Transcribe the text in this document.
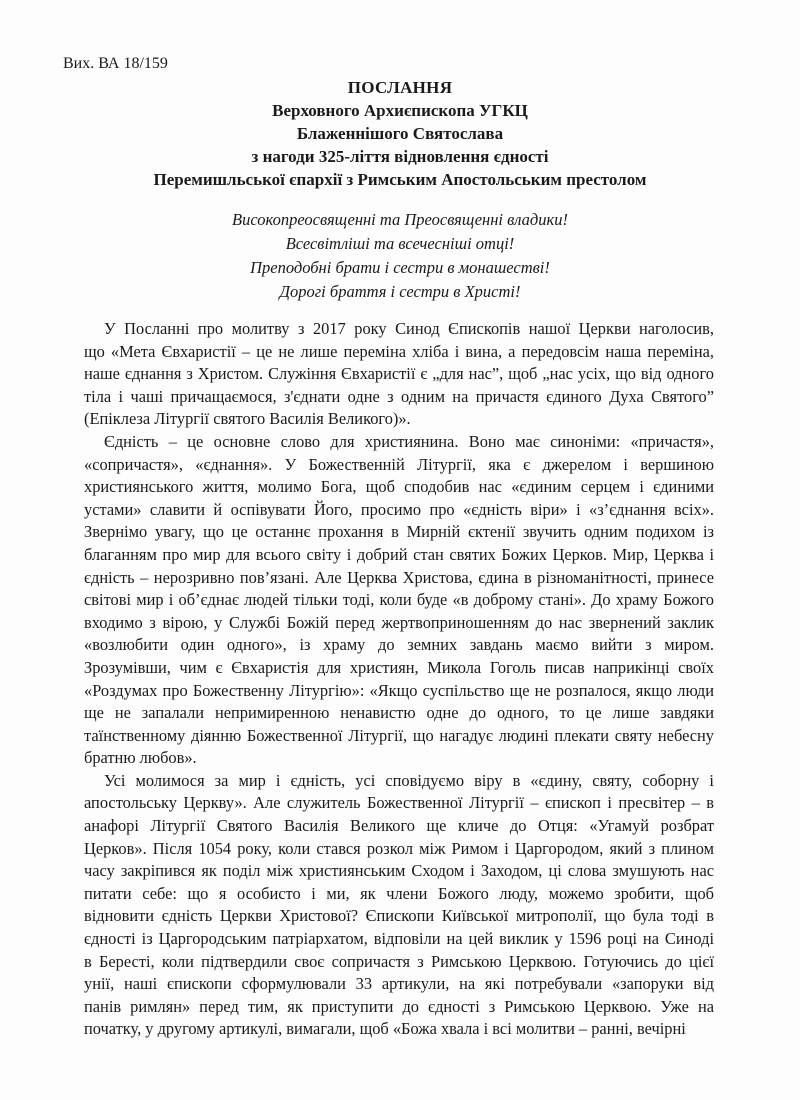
Вих. ВА 18/159
ПОСЛАННЯ
Верховного Архиєпископа УГКЦ
Блаженнішого Святослава
з нагоди 325-ліття відновлення єдності
Перемишльської єпархії з Римським Апостольським престолом
Високопреосвященні та Преосвященні владики!
Всесвітліші та всечесніші отці!
Преподобні брати і сестри в монашестві!
Дорогі браття і сестри в Христі!
У Посланні про молитву з 2017 року Синод Єпископів нашої Церкви наголосив,
що «Мета Євхаристії – це не лише переміна хліба і вина, а передовсім наша переміна,
наше єднання з Христом. Служіння Євхаристії є „для нас”, щоб „нас усіх, що від одного
тіла і чаші причащаємося, з'єднати одне з одним на причастя єдиного Духа Святого”
(Епіклеза Літургії святого Василія Великого)».
Єдність – це основне слово для християнина. Воно має синоніми: «причастя»,
«сопричастя», «єднання». У Божественній Літургії, яка є джерелом і вершиною
християнського життя, молимо Бога, щоб сподобив нас «єдиним серцем і єдиними
устами» славити й оспівувати Його, просимо про «єдність віри» і «з’єднання всіх».
Звернімо увагу, що це останнє прохання в Мирній єктенії звучить одним подихом із
благанням про мир для всього світу і добрий стан святих Божих Церков. Мир, Церква і
єдність – нерозривно пов’язані. Але Церква Христова, єдина в різноманітності, принесе
світові мир і об’єднає людей тільки тоді, коли буде «в доброму стані». До храму Божого
входимо з вірою, у Службі Божій перед жертвоприношенням до нас звернений заклик
«возлюбити один одного», із храму до земних завдань маємо вийти з миром.
Зрозумівши, чим є Євхаристія для християн, Микола Гоголь писав наприкінці своїх
«Роздумах про Божественну Літургію»: «Якщо суспільство ще не розпалося, якщо люди
ще не запалали непримиренною ненавистю одне до одного, то це лише завдяки
таїнственному діянню Божественної Літургії, що нагадує людині плекати святу небесну
братню любов».
Усі молимося за мир і єдність, усі сповідуємо віру в «єдину, святу, соборну і
апостольську Церкву». Але служитель Божественної Літургії – єпископ і пресвітер – в
анафорі Літургії Святого Василія Великого ще кличе до Отця: «Угамуй розбрат
Церков». Після 1054 року, коли стався розкол між Римом і Царгородом, який з плином
часу закріпився як поділ між християнським Сходом і Заходом, ці слова змушують нас
питати себе: що я особисто і ми, як члени Божого люду, можемо зробити, щоб
відновити єдність Церкви Христової? Єпископи Київської митрополії, що була тоді в
єдності із Царгородським патріархатом, відповіли на цей виклик у 1596 році на Синоді
в Бересті, коли підтвердили своє сопричастя з Римською Церквою. Готуючись до цієї
унії, наші єпископи сформулювали 33 артикули, на які потребували «запоруки від
панів римлян» перед тим, як приступити до єдності з Римською Церквою. Уже на
початку, у другому артикулі, вимагали, щоб «Божа хвала і всі молитви – ранні, вечірні
